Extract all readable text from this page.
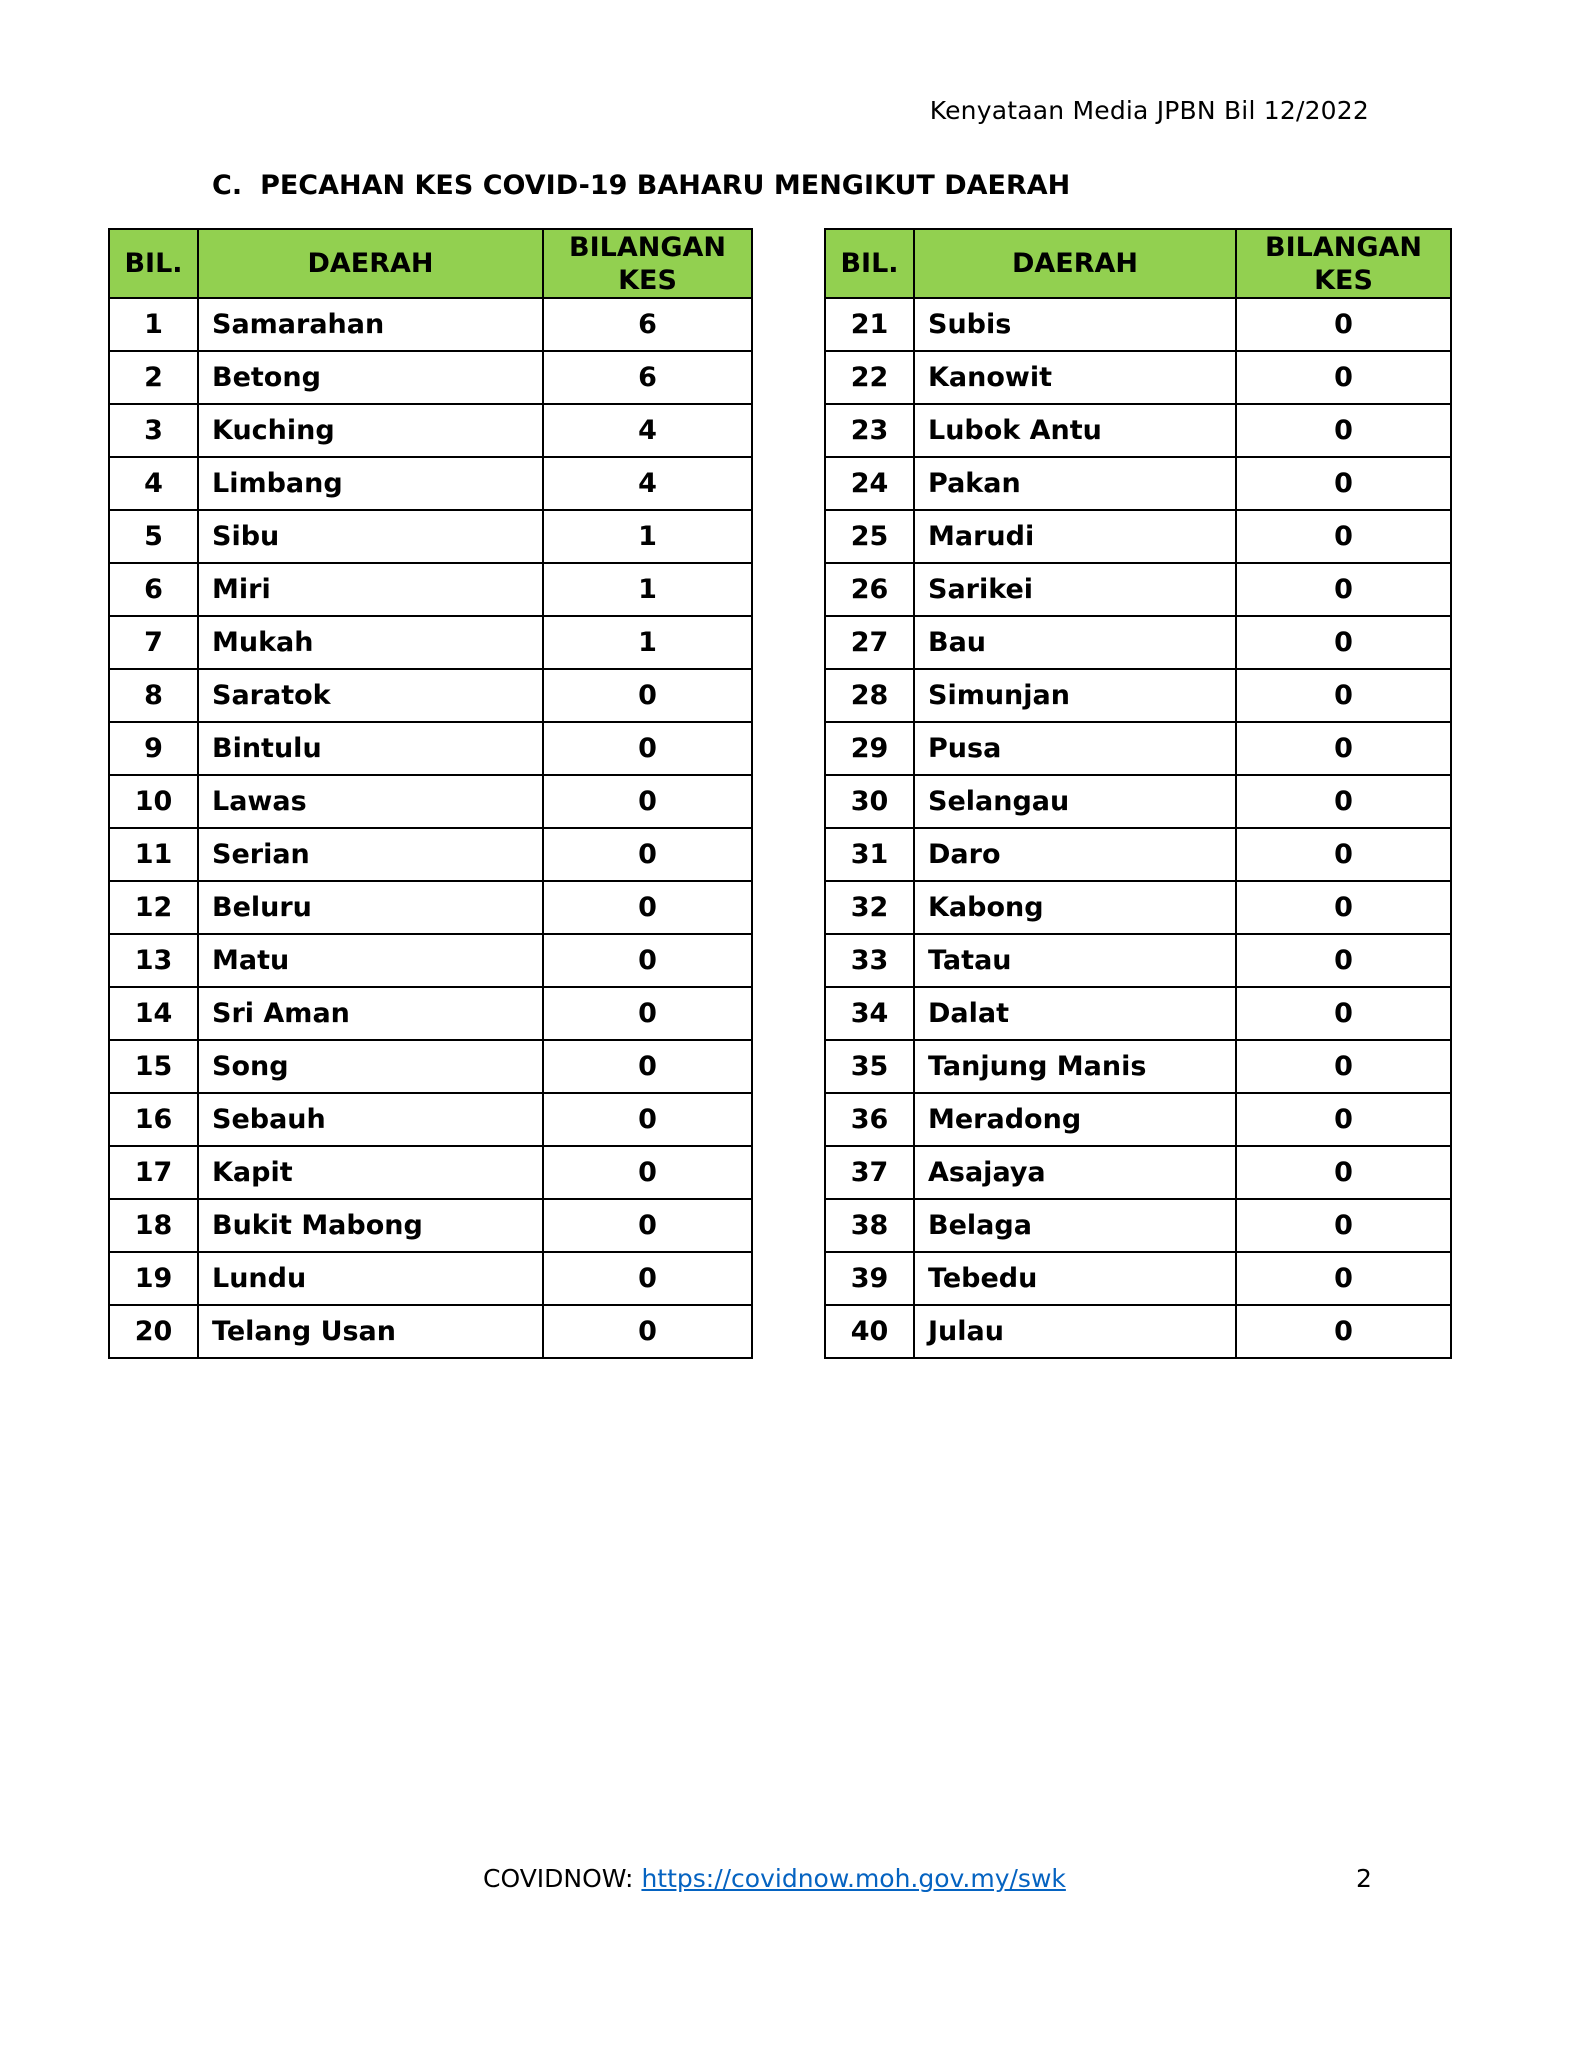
Kenyataan Media JPBN Bil 12/2022
C. PECAHAN KES COVID-19 BAHARU MENGIKUT DAERAH
BIL.	DAERAH	BILANGAN
KES
1	Samarahan	6
2	Betong	6
3	Kuching	4
4	Limbang	4
5	Sibu	1
6	Miri	1
7	Mukah	1
8	Saratok	0
9	Bintulu	0
10	Lawas	0
11	Serian	0
12	Beluru	0
13	Matu	0
14	Sri Aman	0
15	Song	0
16	Sebauh	0
17	Kapit	0
18	Bukit Mabong	0
19	Lundu	0
20	Telang Usan	0
BIL.	DAERAH	BILANGAN
KES
21	Subis	0
22	Kanowit	0
23	Lubok Antu	0
24	Pakan	0
25	Marudi	0
26	Sarikei	0
27	Bau	0
28	Simunjan	0
29	Pusa	0
30	Selangau	0
31	Daro	0
32	Kabong	0
33	Tatau	0
34	Dalat	0
35	Tanjung Manis	0
36	Meradong	0
37	Asajaya	0
38	Belaga	0
39	Tebedu	0
40	Julau	0
COVIDNOW: https://covidnow.moh.gov.my/swk	2
